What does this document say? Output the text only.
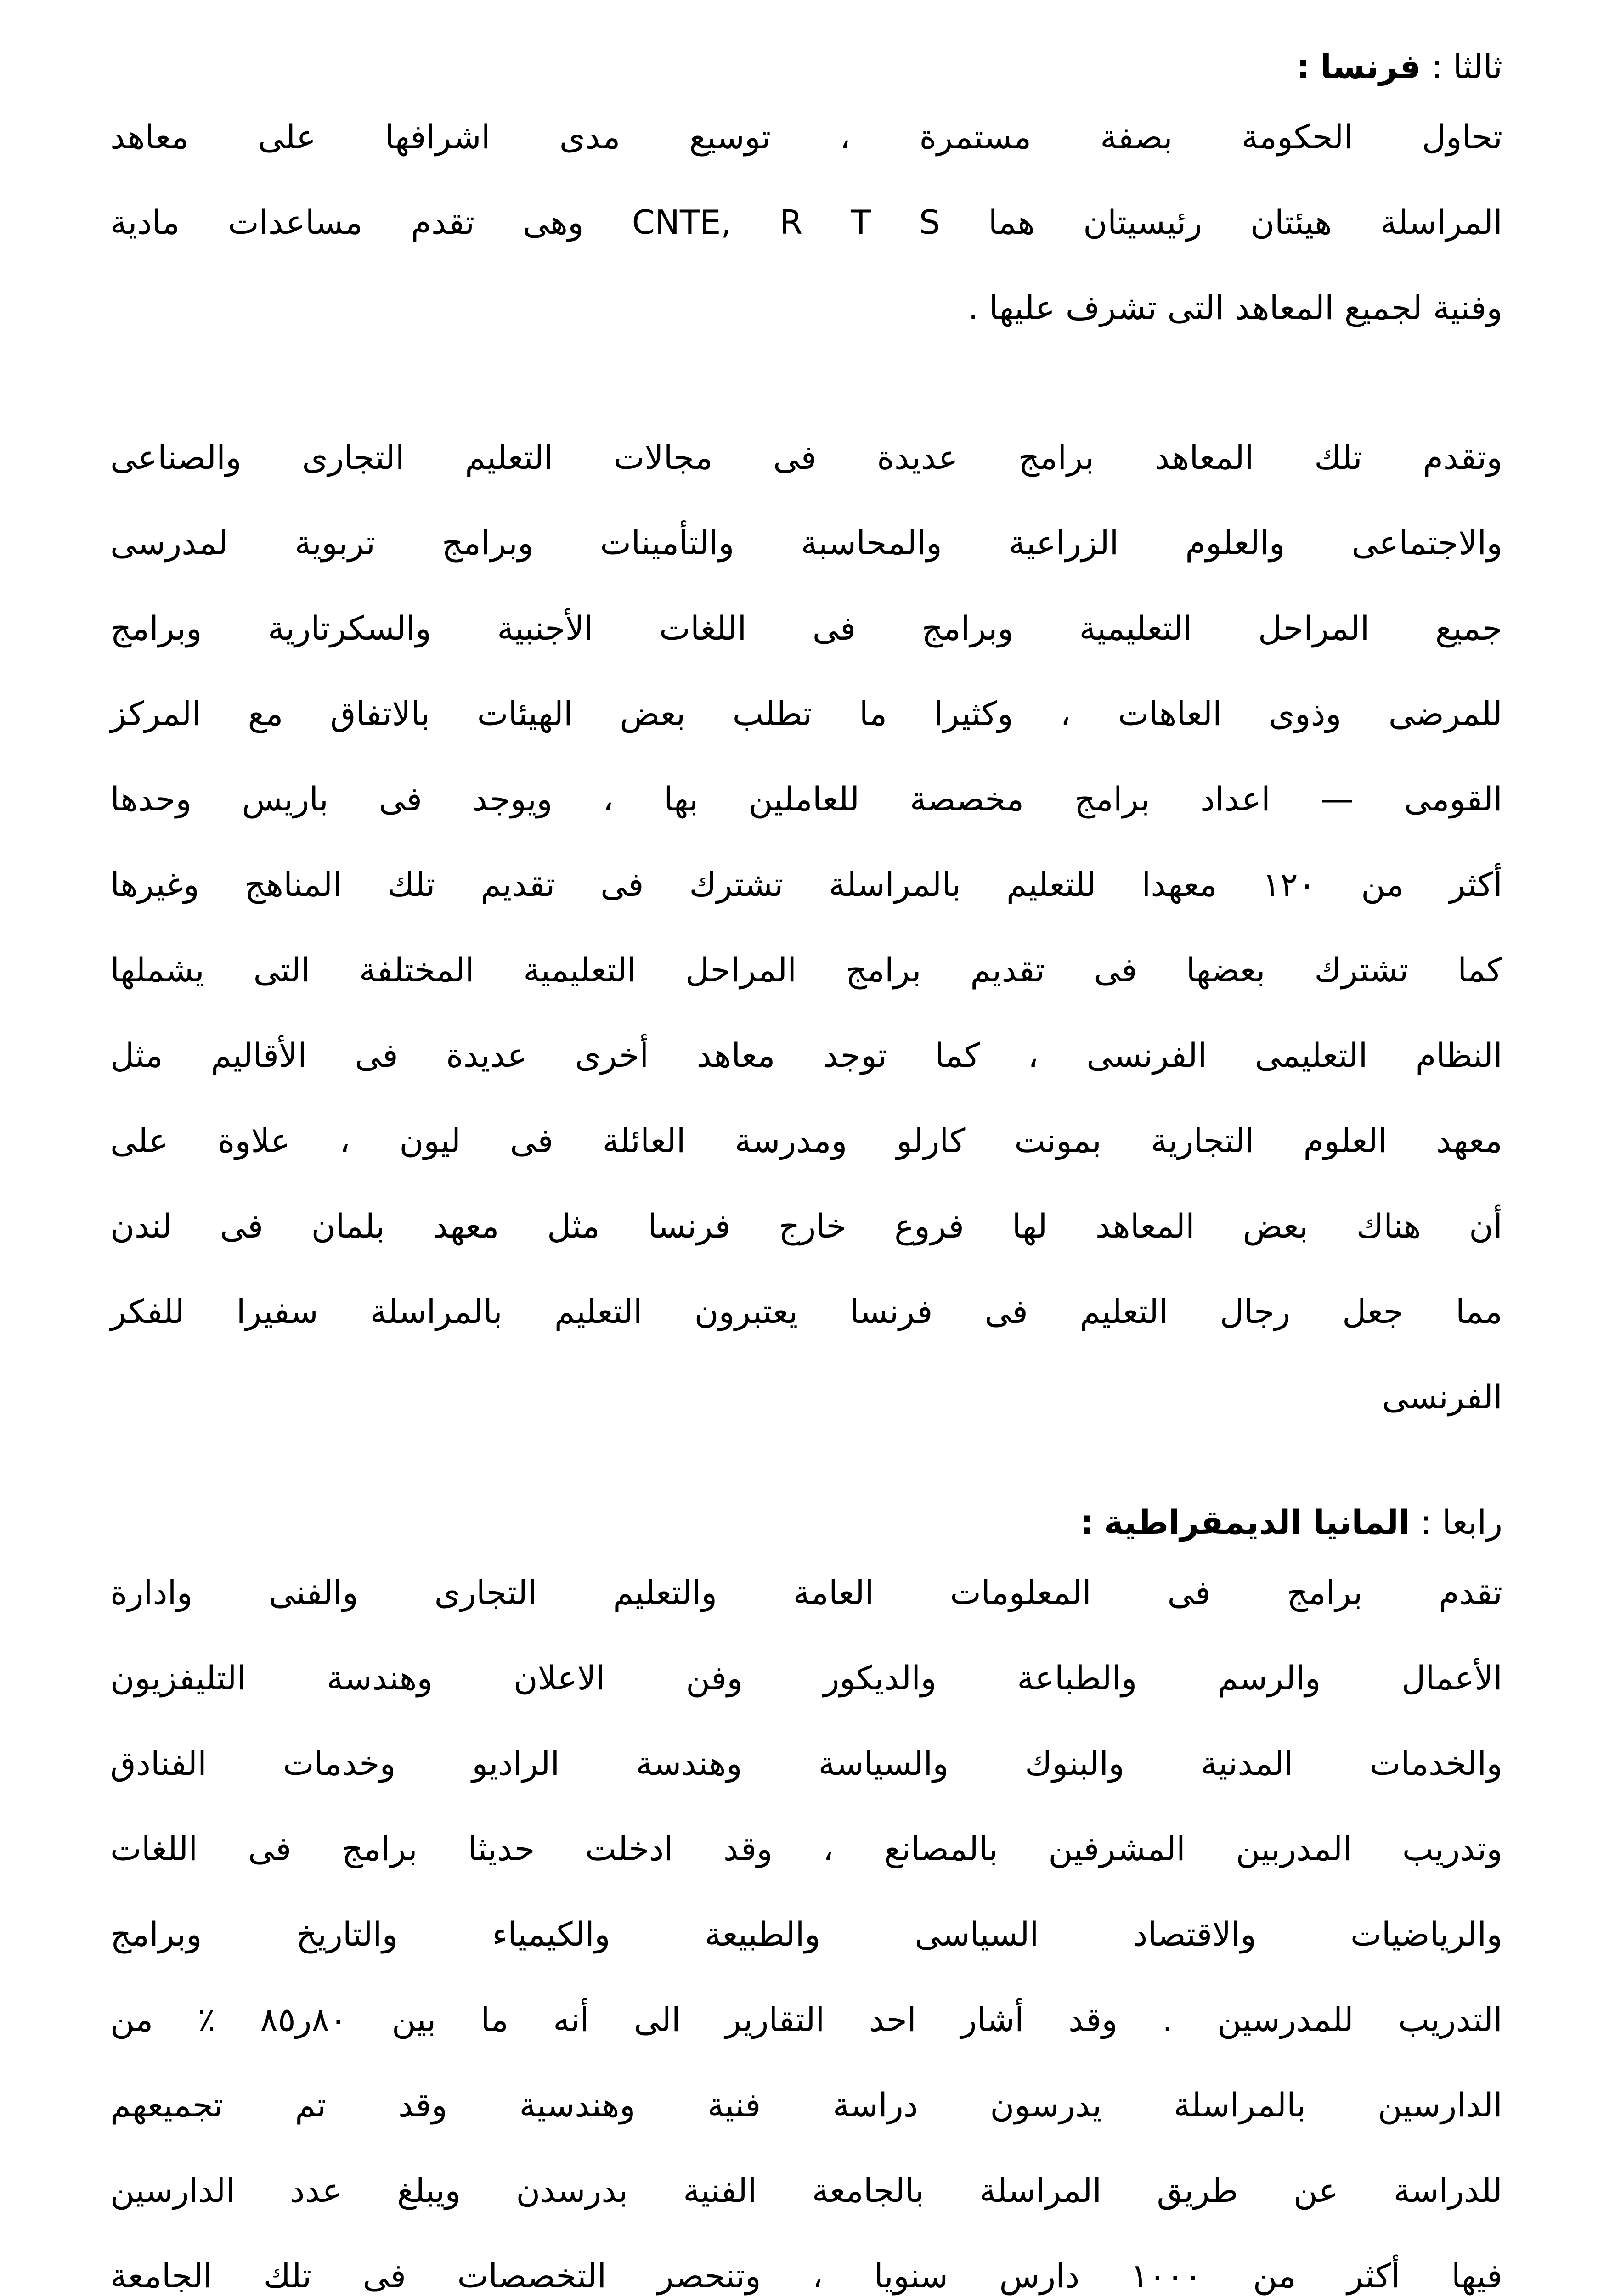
ثالثا : فرنسا :

تحاول الحكومة بصفة مستمرة ، توسيع مدى اشرافها على معاهد
المراسلة هيئتان رئيسيتان هما CNTE, R T S وهى تقدم مساعدات مادية
وفنية لجميع المعاهد التى تشرف عليها .

وتقدم تلك المعاهد برامج عديدة فى مجالات التعليم التجارى والصناعى
والاجتماعى والعلوم الزراعية والمحاسبة والتأمينات وبرامج تربوية لمدرسى
جميع المراحل التعليمية وبرامج فى اللغات الأجنبية والسكرتارية وبرامج
للمرضى وذوى العاهات ، وكثيرا ما تطلب بعض الهيئات بالاتفاق مع المركز
القومى — اعداد برامج مخصصة للعاملين بها ، ويوجد فى باريس وحدها
أكثر من ١٢٠ معهدا للتعليم بالمراسلة تشترك فى تقديم تلك المناهج وغيرها
كما تشترك بعضها فى تقديم برامج المراحل التعليمية المختلفة التى يشملها
النظام التعليمى الفرنسى ، كما توجد معاهد أخرى عديدة فى الأقاليم مثل
معهد العلوم التجارية بمونت كارلو ومدرسة العائلة فى ليون ، علاوة على
أن هناك بعض المعاهد لها فروع خارج فرنسا مثل معهد بلمان فى لندن
مما جعل رجال التعليم فى فرنسا يعتبرون التعليم بالمراسلة سفيرا للفكر
الفرنسى

رابعا : المانيا الديمقراطية :

تقدم برامج فى المعلومات العامة والتعليم التجارى والفنى وادارة
الأعمال والرسم والطباعة والديكور وفن الاعلان وهندسة التليفزيون
والخدمات المدنية والبنوك والسياسة وهندسة الراديو وخدمات الفنادق
وتدريب المدربين المشرفين بالمصانع ، وقد ادخلت حديثا برامج فى اللغات
والرياضيات والاقتصاد السياسى والطبيعة والكيمياء والتاريخ وبرامج
التدريب للمدرسين . وقد أشار احد التقارير الى أنه ما بين ٨٠ر٨٥ ٪ من
الدارسين بالمراسلة يدرسون دراسة فنية وهندسية وقد تم تجميعهم
للدراسة عن طريق المراسلة بالجامعة الفنية بدرسدن ويبلغ عدد الدارسين
فيها أكثر من ١٠٠٠ دارس سنويا ، وتنحصر التخصصات فى تلك الجامعة
